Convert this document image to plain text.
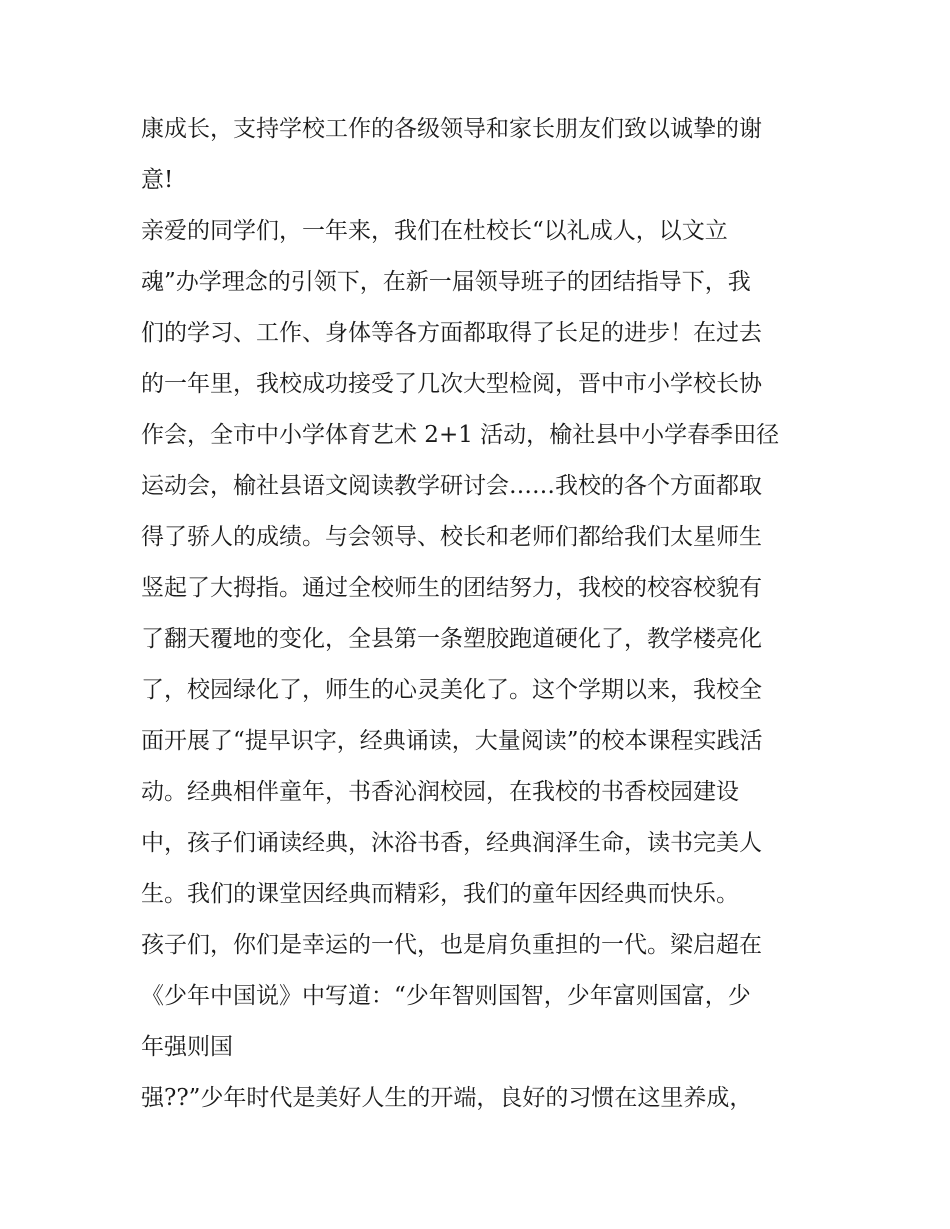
康成长，支持学校工作的各级领导和家长朋友们致以诚挚的谢
意!
亲爱的同学们，一年来，我们在杜校长“以礼成人，以文立
魂”办学理念的引领下，在新一届领导班子的团结指导下，我
们的学习、工作、身体等各方面都取得了长足的进步！在过去
的一年里，我校成功接受了几次大型检阅，晋中市小学校长协
作会，全市中小学体育艺术 2+1 活动，榆社县中小学春季田径
运动会，榆社县语文阅读教学研讨会……我校的各个方面都取
得了骄人的成绩。与会领导、校长和老师们都给我们太星师生
竖起了大拇指。通过全校师生的团结努力，我校的校容校貌有
了翻天覆地的变化，全县第一条塑胶跑道硬化了，教学楼亮化
了，校园绿化了，师生的心灵美化了。这个学期以来，我校全
面开展了“提早识字，经典诵读，大量阅读”的校本课程实践活
动。经典相伴童年，书香沁润校园，在我校的书香校园建设
中，孩子们诵读经典，沐浴书香，经典润泽生命，读书完美人
生。我们的课堂因经典而精彩，我们的童年因经典而快乐。
孩子们，你们是幸运的一代，也是肩负重担的一代。梁启超在
《少年中国说》中写道：“少年智则国智，少年富则国富，少
年强则国
强??”少年时代是美好人生的开端，良好的习惯在这里养成，
